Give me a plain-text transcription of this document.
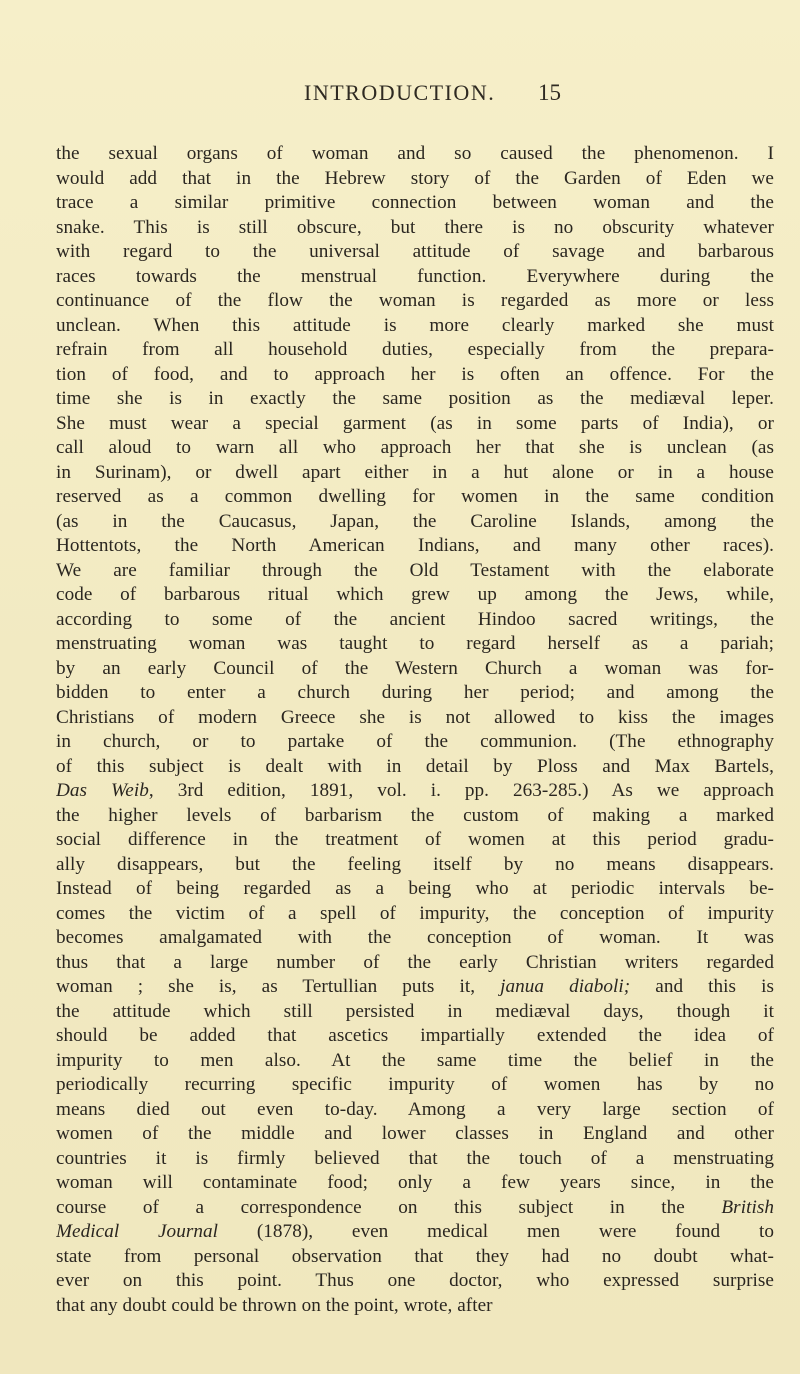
INTRODUCTION. 15
the sexual organs of woman and so caused the phenomenon. I
would add that in the Hebrew story of the Garden of Eden we
trace a similar primitive connection between woman and the
snake. This is still obscure, but there is no obscurity whatever
with regard to the universal attitude of savage and barbarous
races towards the menstrual function. Everywhere during the
continuance of the flow the woman is regarded as more or less
unclean. When this attitude is more clearly marked she must
refrain from all household duties, especially from the prepara-
tion of food, and to approach her is often an offence. For the
time she is in exactly the same position as the mediæval leper.
She must wear a special garment (as in some parts of India), or
call aloud to warn all who approach her that she is unclean (as
in Surinam), or dwell apart either in a hut alone or in a house
reserved as a common dwelling for women in the same condition
(as in the Caucasus, Japan, the Caroline Islands, among the
Hottentots, the North American Indians, and many other races).
We are familiar through the Old Testament with the elaborate
code of barbarous ritual which grew up among the Jews, while,
according to some of the ancient Hindoo sacred writings, the
menstruating woman was taught to regard herself as a pariah;
by an early Council of the Western Church a woman was for-
bidden to enter a church during her period; and among the
Christians of modern Greece she is not allowed to kiss the images
in church, or to partake of the communion. (The ethnography
of this subject is dealt with in detail by Ploss and Max Bartels,
Das Weib, 3rd edition, 1891, vol. i. pp. 263-285.) As we approach
the higher levels of barbarism the custom of making a marked
social difference in the treatment of women at this period gradu-
ally disappears, but the feeling itself by no means disappears.
Instead of being regarded as a being who at periodic intervals be-
comes the victim of a spell of impurity, the conception of impurity
becomes amalgamated with the conception of woman. It was
thus that a large number of the early Christian writers regarded
woman ; she is, as Tertullian puts it, janua diaboli; and this is
the attitude which still persisted in mediæval days, though it
should be added that ascetics impartially extended the idea of
impurity to men also. At the same time the belief in the
periodically recurring specific impurity of women has by no
means died out even to-day. Among a very large section of
women of the middle and lower classes in England and other
countries it is firmly believed that the touch of a menstruating
woman will contaminate food; only a few years since, in the
course of a correspondence on this subject in the British
Medical Journal (1878), even medical men were found to
state from personal observation that they had no doubt what-
ever on this point. Thus one doctor, who expressed surprise
that any doubt could be thrown on the point, wrote, after
